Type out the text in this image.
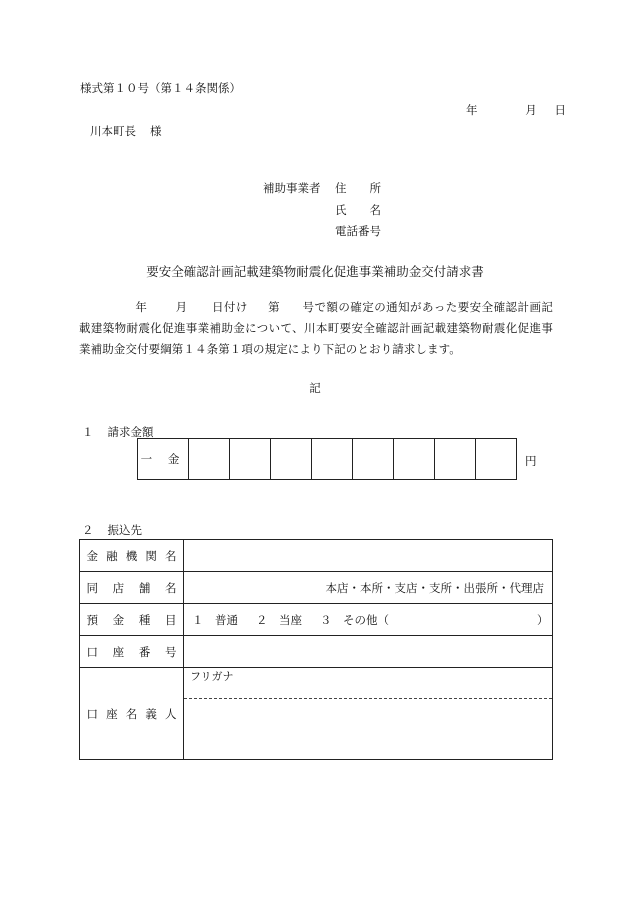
様式第１０号（第１４条関係）
年	月 日
川本町長 様
補助事業者 住　　所
氏　　名
電話番号
要安全確認計画記載建築物耐震化促進事業補助金交付請求書
年 月 日付け 第 号で額の確定の通知があった要安全確認計画記載建築物耐震化促進事業補助金について、川本町要安全確認計画記載建築物耐震化促進事業補助金交付要綱第１４条第１項の規定により下記のとおり請求します。
記
１ 請求金額
一 金									円
２ 振込先
金融機関名	
同店舗名	本店・本所・支店・支所・出張所・代理店
預金種目	１　普通 ２　当座 ３　その他（ ）
口座番号	
口座名義人	フリガナ
